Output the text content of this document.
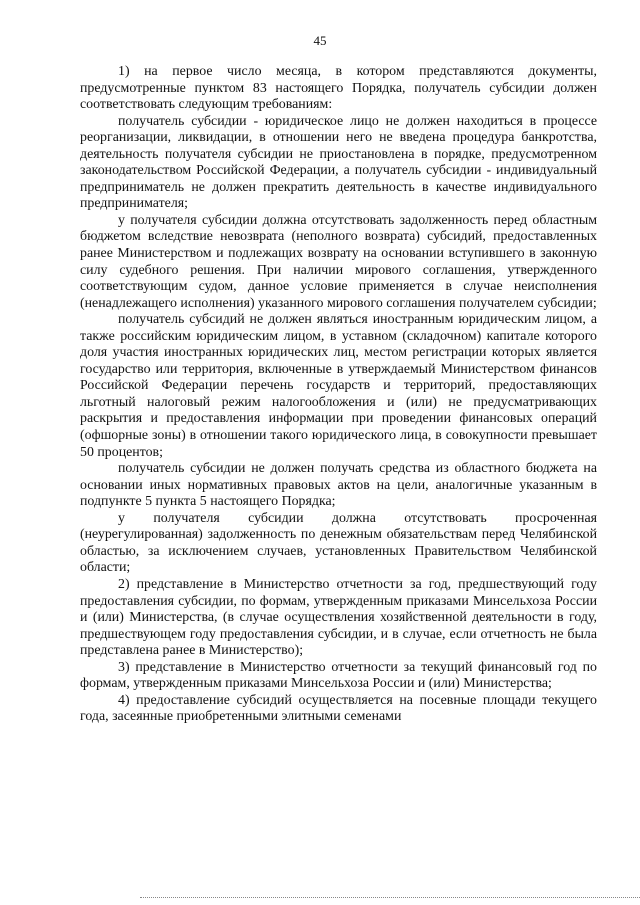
45

1) на первое число месяца, в котором представляются документы, предусмотренные пунктом 83 настоящего Порядка, получатель субсидии должен соответствовать следующим требованиям:

получатель субсидии - юридическое лицо не должен находиться в процессе реорганизации, ликвидации, в отношении него не введена процедура банкротства, деятельность получателя субсидии не приостановлена в порядке, предусмотренном законодательством Российской Федерации, а получатель субсидии - индивидуальный предприниматель не должен прекратить деятельность в качестве индивидуального предпринимателя;

у получателя субсидии должна отсутствовать задолженность перед областным бюджетом вследствие невозврата (неполного возврата) субсидий, предоставленных ранее Министерством и подлежащих возврату на основании вступившего в законную силу судебного решения. При наличии мирового соглашения, утвержденного соответствующим судом, данное условие применяется в случае неисполнения (ненадлежащего исполнения) указанного мирового соглашения получателем субсидии;

получатель субсидий не должен являться иностранным юридическим лицом, а также российским юридическим лицом, в уставном (складочном) капитале которого доля участия иностранных юридических лиц, местом регистрации которых является государство или территория, включенные в утверждаемый Министерством финансов Российской Федерации перечень государств и территорий, предоставляющих льготный налоговый режим налогообложения и (или) не предусматривающих раскрытия и предоставления информации при проведении финансовых операций (офшорные зоны) в отношении такого юридического лица, в совокупности превышает 50 процентов;

получатель субсидии не должен получать средства из областного бюджета на основании иных нормативных правовых актов на цели, аналогичные указанным в подпункте 5 пункта 5 настоящего Порядка;

у получателя субсидии должна отсутствовать просроченная (неурегулированная) задолженность по денежным обязательствам перед Челябинской областью, за исключением случаев, установленных Правительством Челябинской области;

2) представление в Министерство отчетности за год, предшествующий году предоставления субсидии, по формам, утвержденным приказами Минсельхоза России и (или) Министерства, (в случае осуществления хозяйственной деятельности в году, предшествующем году предоставления субсидии, и в случае, если отчетность не была представлена ранее в Министерство);

3) представление в Министерство отчетности за текущий финансовый год по формам, утвержденным приказами Минсельхоза России и (или) Министерства;

4) предоставление субсидий осуществляется на посевные площади текущего года, засеянные приобретенными элитными семенами
